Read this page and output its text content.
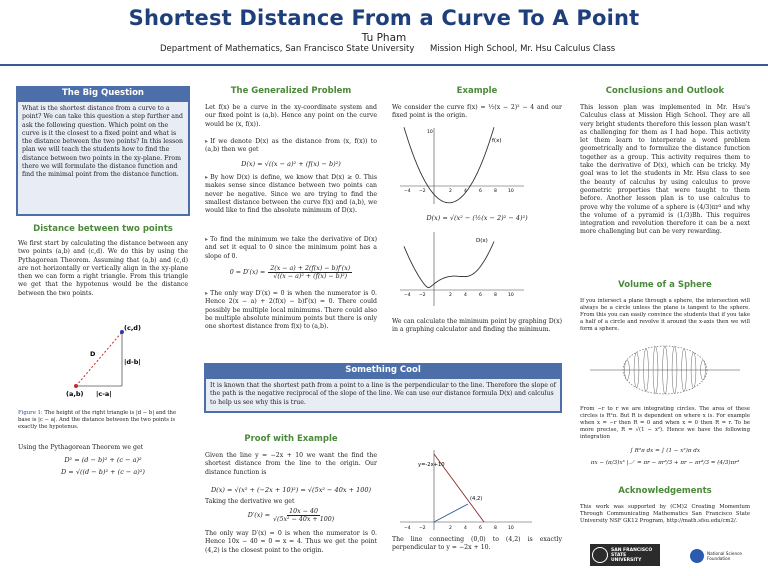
Shortest Distance From a Curve To A Point
Tu Pham
Department of Mathematics, San Francisco State University Mission High School, Mr. Hsu Calculus Class
The Big Question
What is the shortest distance from a curve to a point? We can take this question a step further and ask the following question. Which point on the curve is it the closest to a fixed point and what is the distance between the two points? In this lesson plan we will teach the students how to find the distance between two points in the xy-plane. From there we will formulate the distance function and find the minimal point from the distance function.
Distance between two points
We first start by calculating the distance between any two points (a,b) and (c,d). We do this by using the Pythagorean Theorem. Assuming that (a,b) and (c,d) are not horizontally or vertically align in the xy-plane then we can form a right triangle. From this triangle we get that the hypotenus would be the distance between the two points.
(c,d)
(a,b)
D
|d-b|
|c-a|
Figure 1: The height of the right triangle is |d − b| and the base is |c − a|. And the distance between the two points is exactly the hypotenus.
Using the Pythagorean Theorem we get
D² = (d − b)² + (c − a)²
D = √((d − b)² + (c − a)²)
The Generalized Problem
Let f(x) be a curve in the xy-coordinate system and our fixed point is (a,b). Hence any point on the curve would be (x, f(x)).
▸ If we denote D(x) as the distance from (x, f(x)) to (a,b) then we get
D(x) = √((x − a)² + (f(x) − b)²)
▸ By how D(x) is define, we know that D(x) ≥ 0. This makes sense since distance between two points can never be negative. Since we are trying to find the smallest distance between the curve f(x) and (a,b), we would like to find the absolute minimum of D(x).
▸ To find the minimum we take the derivative of D(x) and set it equal to 0 since the minimum point has a slope of 0.
$0 = D'(x) = \frac{2(x - a) + 2(f(x) - b)f'(x)}{\text{√((x − a)² + (f(x) − b)²)}}$
▸ The only way D′(x) = 0 is when the numerator is 0. Hence 2(x − a) + 2(f(x) − b)f′(x) = 0. There could possibly be multiple local minimums. There could also be multiple absolute minimum points but there is only one shortest distance from f(x) to (a,b).
Example
We consider the curve f(x) = ½(x − 2)² − 4 and our fixed point is the origin.
f(x)
10
−4 −2	2	4	6	8 10
D(x) = √(x² − (½(x − 2)² − 4)²)
D(x)
−4 −2	2	4	6	8 10
We can calculate the minimum point by graphing D(x) in a graphing calculator and finding the minimum.
Something Cool
It is known that the shortest path from a point to a line is the perpendicular to the line. Therefore the slope of the path is the negative reciprocal of the slope of the line. We can use our distance formula D(x) and calculus to help us see why this is true.
Proof with Example
Given the line y = −2x + 10 we want the find the shortest distance from the line to the origin. Our distance function is
D(x) = √(x² + (−2x + 10)²) = √(5x² − 40x + 100)
Taking the derivative we get
$D'(x) = \frac{10x - 40}{\text{√(5x² − 40x + 100)}}$
The only way D′(x) = 0 is when the numerator is 0. Hence 10x − 40 = 0 ⇒ x = 4. Thus we get the point (4,2) is the closest point to the origin.
y=-2x+10
(4,2)
−4 −2	2	4	6	8 10
The line connecting (0,0) to (4,2) is exactly perpendicular to y = −2x + 10.
Conclusions and Outlook
This lesson plan was implemented in Mr. Hsu's Calculus class at Mission High School. They are all very bright students therefore this lesson plan wasn't as challenging for them as I had hope. This activity let them learn to interperate a word problem geometrically and to formulize the distance function together as a group. This activity requires them to take the derivative of D(x), which can be tricky. My goal was to let the students in Mr. Hsu class to see the beauty of calculus by using calculus to prove geometric properties that were taught to them before. Another lesson plan is to use calculus to prove why the volume of a sphere is (4/3)πr³ and why the volume of a pyramid is (1/3)Bh. This requires integration and revolution therefore it can be a next more challenging but can be very rewarding.
Volume of a Sphere
If you intersect a plane through a sphere, the intersection will always be a circle unless the plane is tangent to the sphere. From this you can easily convince the students that if you take a half of a circle and revolve it around the x-axis then we will form a sphere.
From −r to r we are integrating circles. The area of these circles is R²π. But R is dependent on where x is. For example when x = −r then R = 0 and when x = 0 then R = r. To be more precise, R = √(1 − x²). Hence we have the following integration
∫ R²π dx = ∫ (1 − x²)π dx
πx − (π/3)x³ |₋ᵣʳ = πr − πr³/3 + πr − πr³/3 = (4/3)πr³
Acknowledgements
This work was supported by (CM)2 Creating Momentum Through Communicating Mathematics San Francisco State University NSF GK12 Program, http://math.sfsu.edu/cm2/.
SAN FRANCISCO STATE UNIVERSITY
National Science Foundation
